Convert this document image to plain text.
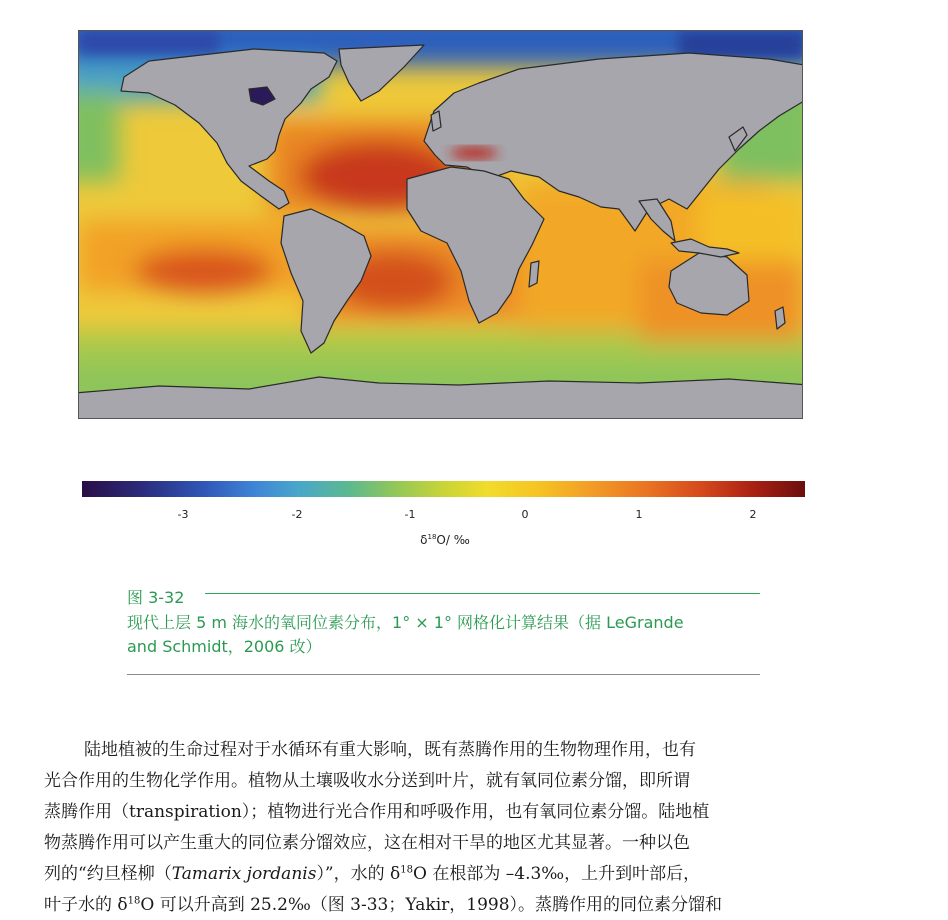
-3	-2	-1	0	1	2
$\delta^{18}O/$ ‰
图 3-32
现代上层 5 m 海水的氧同位素分布，1° × 1° 网格化计算结果（据 LeGrande
and Schmidt，2006 改）
陆地植被的生命过程对于水循环有重大影响，既有蒸腾作用的生物物理作用，也有
光合作用的生物化学作用。植物从土壤吸收水分送到叶片，就有氧同位素分馏，即所谓
蒸腾作用（transpiration）；植物进行光合作用和呼吸作用，也有氧同位素分馏。陆地植
物蒸腾作用可以产生重大的同位素分馏效应，这在相对干旱的地区尤其显著。一种以色
列的“约旦柽柳（Tamarix jordanis）”，水的 $\delta^{18}O$ 在根部为 –4.3‰，上升到叶部后，
叶子水的 $\delta^{18}O$ 可以升高到 25.2‰（图 3-33；Yakir，1998）。蒸腾作用的同位素分馏和
